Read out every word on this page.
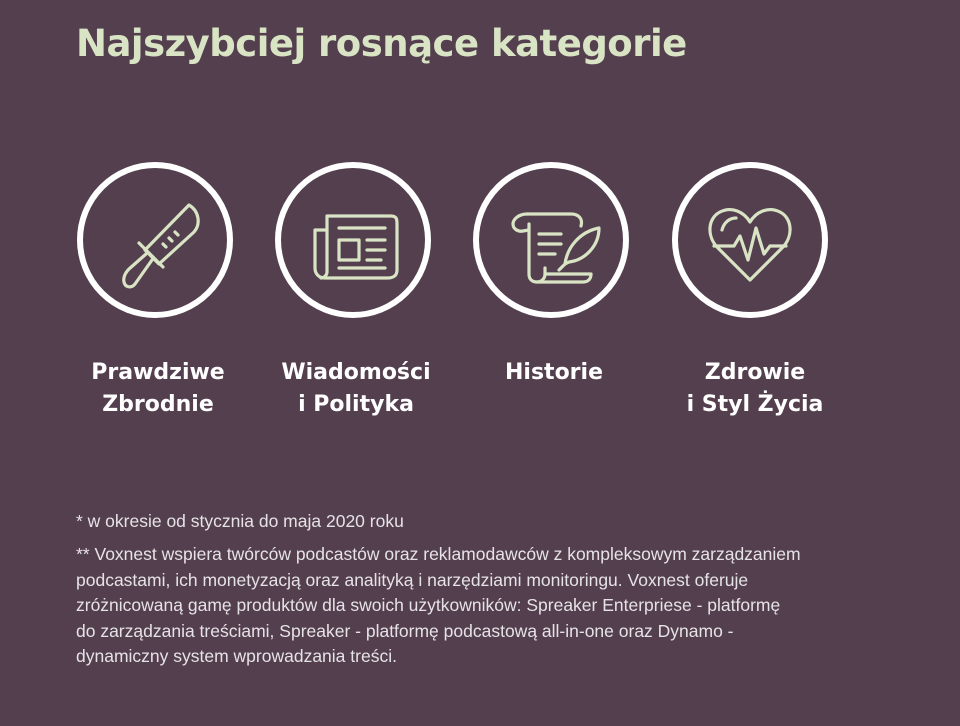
Najszybciej rosnące kategorie
Prawdziwe
Zbrodnie
Wiadomości
i Polityka
Historie	Zdrowie
i Styl Życia

* w okresie od stycznia do maja 2020 roku

** Voxnest wspiera twórców podcastów oraz reklamodawców z kompleksowym zarządzaniem
podcastami, ich monetyzacją oraz analityką i narzędziami monitoringu. Voxnest oferuje
zróżnicowaną gamę produktów dla swoich użytkowników: Spreaker Enterpriese - platformę
do zarządzania treściami, Spreaker - platformę podcastową all-in-one oraz Dynamo -
dynamiczny system wprowadzania treści.
